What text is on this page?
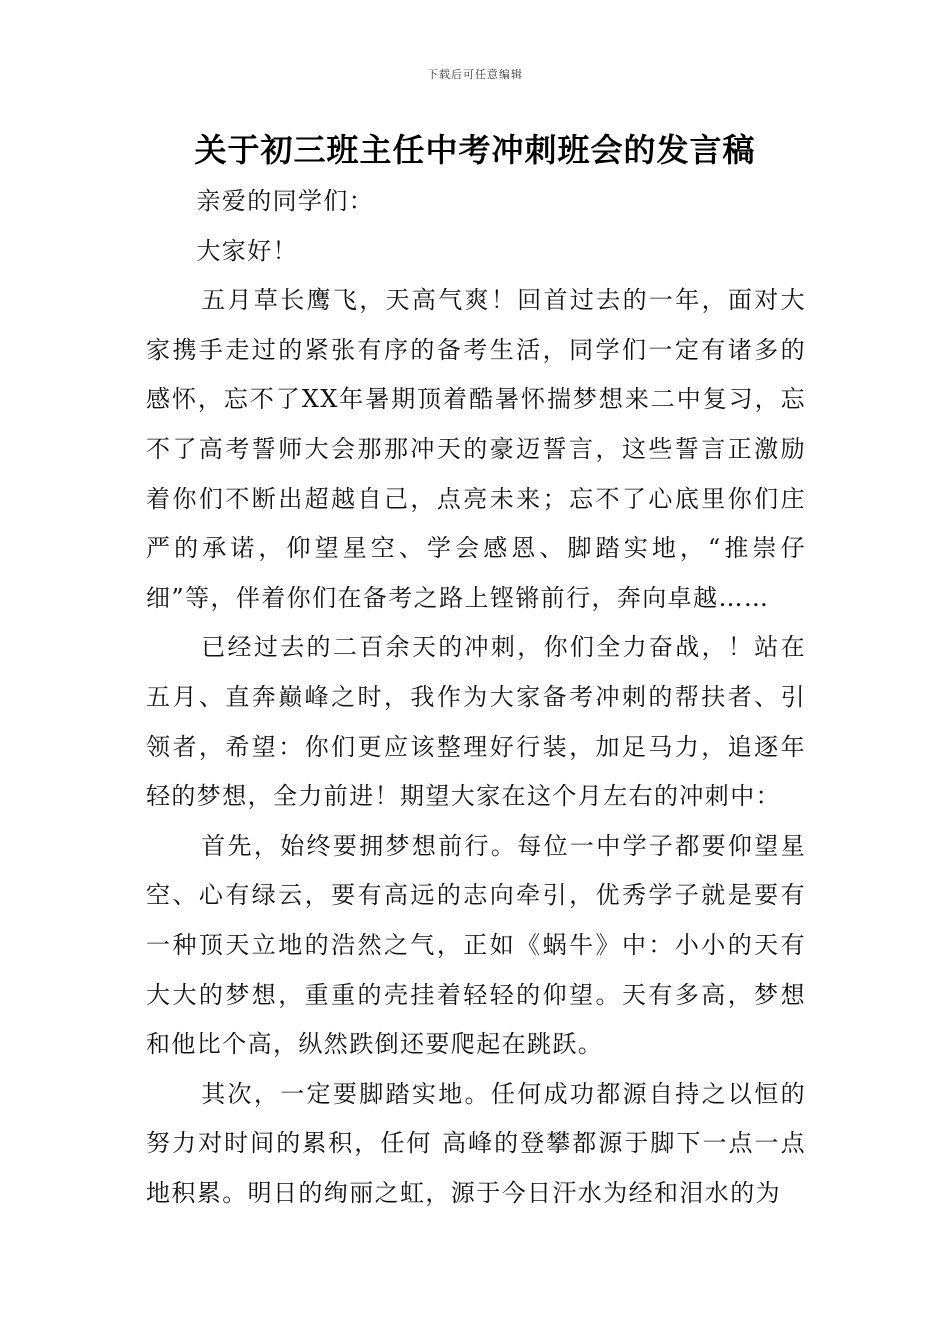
下载后可任意编辑
关于初三班主任中考冲刺班会的发言稿

亲爱的同学们：

大家好！

五月草长鹰飞，天高气爽！回首过去的一年，面对大家携手走过的紧张有序的备考生活，同学们一定有诸多的感怀，忘不了XX年暑期顶着酷暑怀揣梦想来二中复习，忘不了高考誓师大会那那冲天的豪迈誓言，这些誓言正激励着你们不断出超越自己，点亮未来；忘不了心底里你们庄严的承诺，仰望星空、学会感恩、脚踏实地，“推崇仔细”等，伴着你们在备考之路上铿锵前行，奔向卓越……

已经过去的二百余天的冲刺，你们全力奋战，！站在五月、直奔巅峰之时，我作为大家备考冲刺的帮扶者、引领者，希望：你们更应该整理好行装，加足马力，追逐年轻的梦想，全力前进！期望大家在这个月左右的冲刺中：

首先，始终要拥梦想前行。每位一中学子都要仰望星空、心有绿云，要有高远的志向牵引，优秀学子就是要有一种顶天立地的浩然之气，正如《蜗牛》中：小小的天有大大的梦想，重重的壳挂着轻轻的仰望。天有多高，梦想和他比个高，纵然跌倒还要爬起在跳跃。

其次，一定要脚踏实地。任何成功都源自持之以恒的努力对时间的累积，任何 高峰的登攀都源于脚下一点一点地积累。明日的绚丽之虹，源于今日汗水为经和泪水的为
